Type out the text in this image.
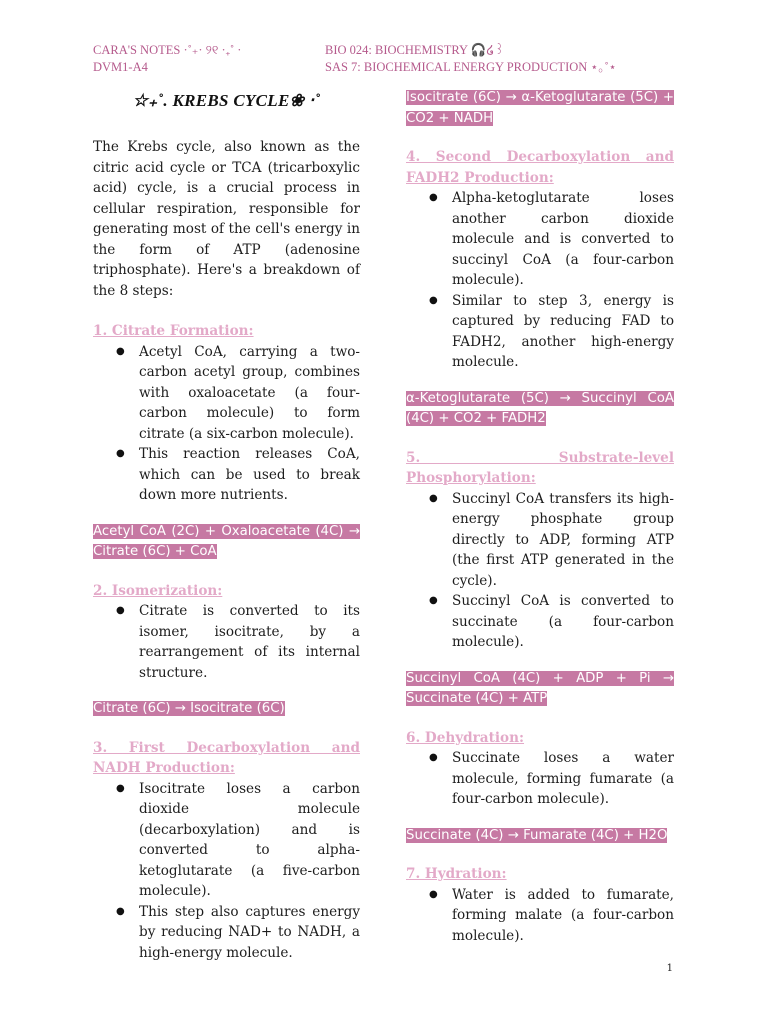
CARA'S NOTES ·˚₊· ୨୧ ·₊˚ ·
DVM1-A4
BIO 024: BIOCHEMISTRY 🎧໒꒱
SAS 7: BIOCHEMICAL ENERGY PRODUCTION ⋆｡˚⋆
☆₊˚. KREBS CYCLE❀ ‧˚

The Krebs cycle, also known as the citric acid cycle or TCA (tricarboxylic acid) cycle, is a crucial process in cellular respiration, responsible for generating most of the cell's energy in the form of ATP (adenosine triphosphate). Here's a breakdown of the 8 steps:

1. Citrate Formation:
● Acetyl CoA, carrying a two-carbon acetyl group, combines with oxaloacetate (a four-carbon molecule) to form citrate (a six-carbon molecule).
● This reaction releases CoA, which can be used to break down more nutrients.
Acetyl CoA (2C) + Oxaloacetate (4C) → Citrate (6C) + CoA
2. Isomerization:
● Citrate is converted to its isomer, isocitrate, by a rearrangement of its internal structure.
Citrate (6C) → Isocitrate (6C)
3. First Decarboxylation and NADH Production:
● Isocitrate loses a carbon dioxide molecule (decarboxylation) and is converted to alpha-ketoglutarate (a five-carbon molecule).
● This step also captures energy by reducing NAD+ to NADH, a high-energy molecule.
Isocitrate (6C) → α-Ketoglutarate (5C) + CO2 + NADH
4. Second Decarboxylation and FADH2 Production:
● Alpha-ketoglutarate loses another carbon dioxide molecule and is converted to succinyl CoA (a four-carbon molecule).
● Similar to step 3, energy is captured by reducing FAD to FADH2, another high-energy molecule.
α-Ketoglutarate (5C) → Succinyl CoA (4C) + CO2 + FADH2
5. Substrate-level Phosphorylation:
● Succinyl CoA transfers its high-energy phosphate group directly to ADP, forming ATP (the first ATP generated in the cycle).
● Succinyl CoA is converted to succinate (a four-carbon molecule).
Succinyl CoA (4C) + ADP + Pi → Succinate (4C) + ATP
6. Dehydration:
● Succinate loses a water molecule, forming fumarate (a four-carbon molecule).
Succinate (4C) → Fumarate (4C) + H2O
7. Hydration:
● Water is added to fumarate, forming malate (a four-carbon molecule).
1
